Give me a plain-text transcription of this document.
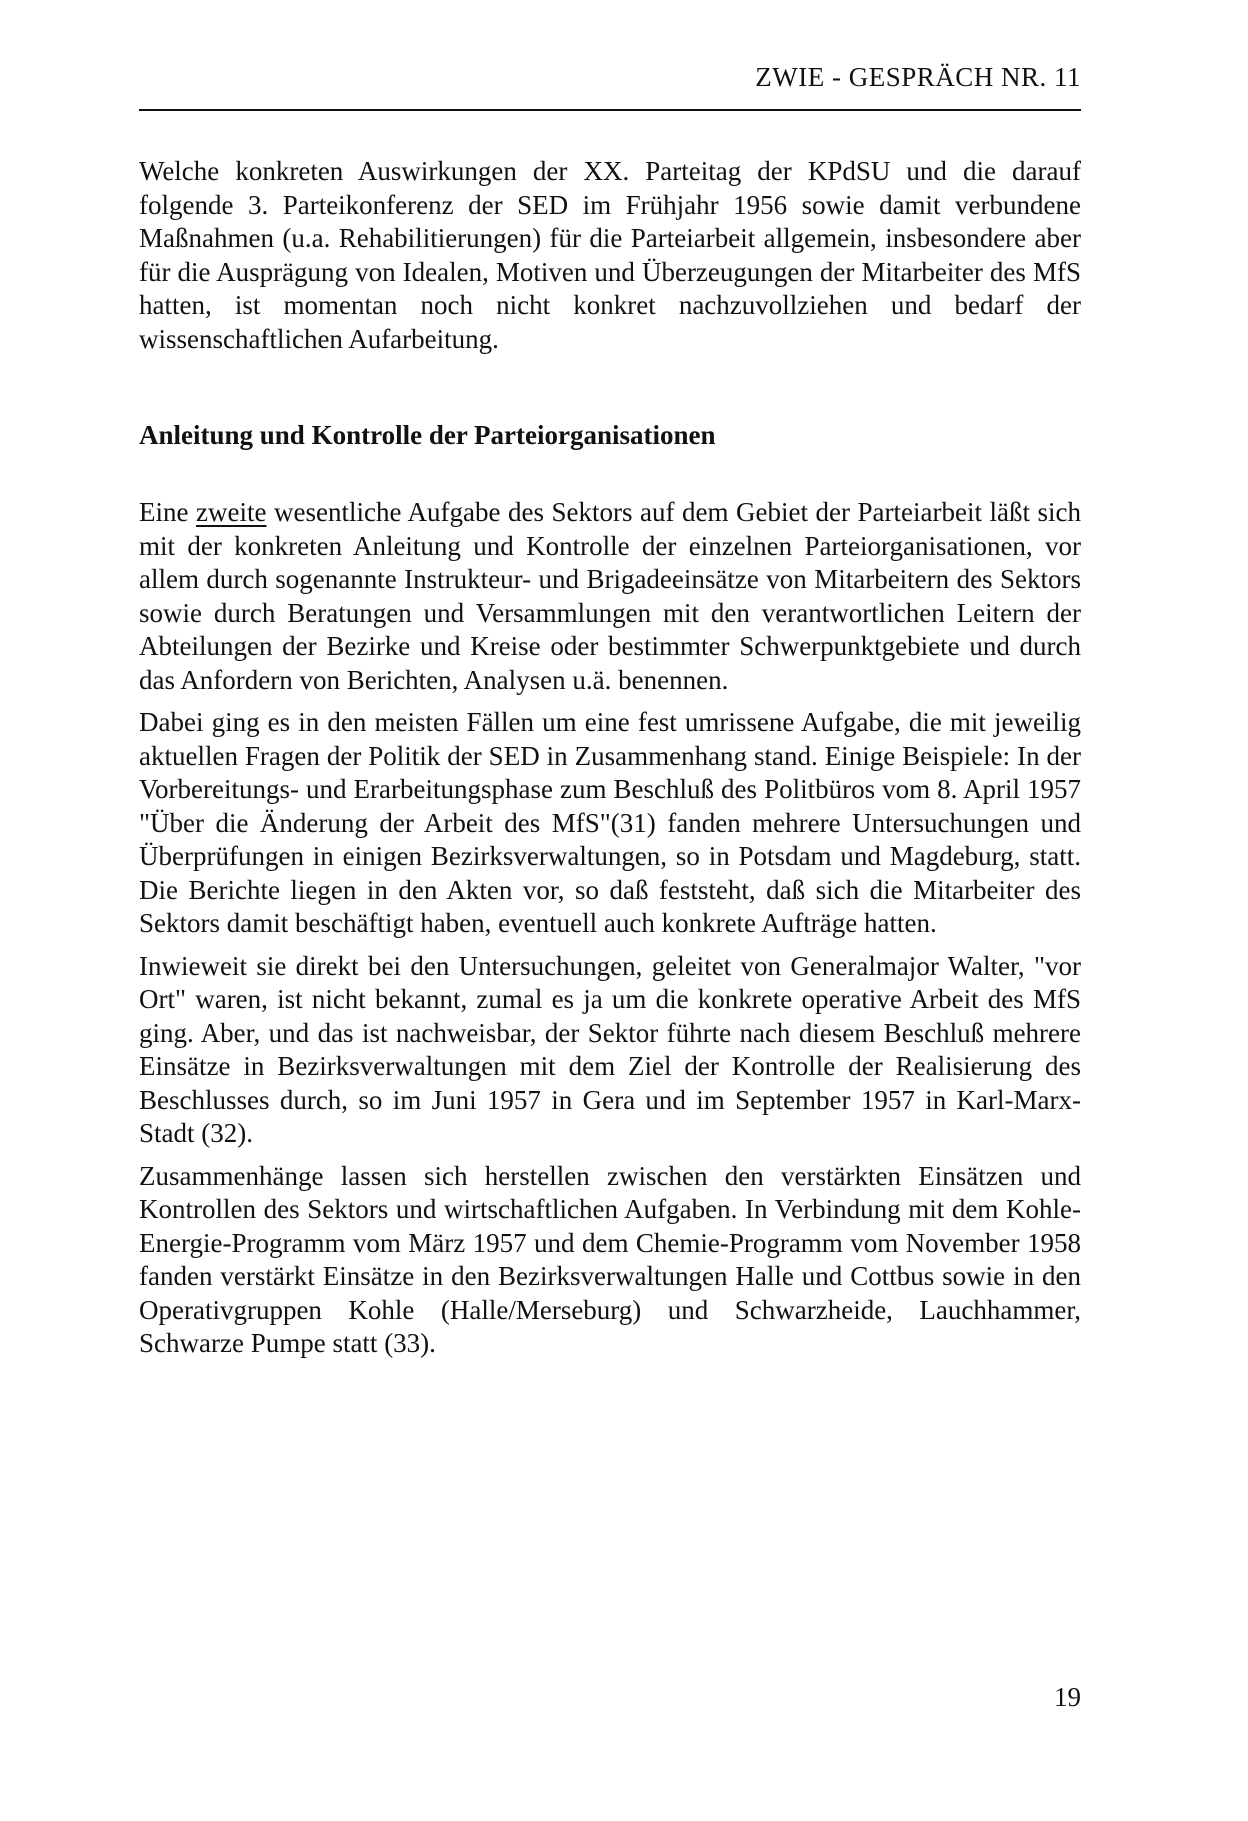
ZWIE - GESPRÄCH NR. 11

Welche konkreten Auswirkungen der XX. Parteitag der KPdSU und die darauf folgende 3. Parteikonferenz der SED im Frühjahr 1956 sowie damit verbundene Maßnahmen (u.a. Rehabilitierungen) für die Parteiarbeit allgemein, insbesondere aber für die Ausprägung von Idealen, Motiven und Überzeugungen der Mitarbeiter des MfS hatten, ist momentan noch nicht konkret nachzuvollziehen und bedarf der wissenschaftlichen Aufarbeitung.

Anleitung und Kontrolle der Parteiorganisationen

Eine zweite wesentliche Aufgabe des Sektors auf dem Gebiet der Parteiarbeit läßt sich mit der konkreten Anleitung und Kontrolle der einzelnen Parteiorganisationen, vor allem durch sogenannte Instrukteur- und Brigadeeinsätze von Mitarbeitern des Sektors sowie durch Beratungen und Versammlungen mit den verantwortlichen Leitern der Abteilungen der Bezirke und Kreise oder bestimmter Schwerpunktgebiete und durch das Anfordern von Berichten, Analysen u.ä. benennen.

Dabei ging es in den meisten Fällen um eine fest umrissene Aufgabe, die mit jeweilig aktuellen Fragen der Politik der SED in Zusammenhang stand. Einige Beispiele: In der Vorbereitungs- und Erarbeitungsphase zum Beschluß des Politbüros vom 8. April 1957 "Über die Änderung der Arbeit des MfS"(31) fanden mehrere Untersuchungen und Überprüfungen in einigen Bezirksverwaltungen, so in Potsdam und Magdeburg, statt. Die Berichte liegen in den Akten vor, so daß feststeht, daß sich die Mitarbeiter des Sektors damit beschäftigt haben, eventuell auch konkrete Aufträge hatten.

Inwieweit sie direkt bei den Untersuchungen, geleitet von Generalmajor Walter, "vor Ort" waren, ist nicht bekannt, zumal es ja um die konkrete operative Arbeit des MfS ging. Aber, und das ist nachweisbar, der Sektor führte nach diesem Beschluß mehrere Einsätze in Bezirksverwaltungen mit dem Ziel der Kontrolle der Realisierung des Beschlusses durch, so im Juni 1957 in Gera und im September 1957 in Karl-Marx-Stadt (32).

Zusammenhänge lassen sich herstellen zwischen den verstärkten Einsätzen und Kontrollen des Sektors und wirtschaftlichen Aufgaben. In Verbindung mit dem Kohle-Energie-Programm vom März 1957 und dem Chemie-Programm vom November 1958 fanden verstärkt Einsätze in den Bezirksverwaltungen Halle und Cottbus sowie in den Operativgruppen Kohle (Halle/Merseburg) und Schwarzheide, Lauchhammer, Schwarze Pumpe statt (33).

19
